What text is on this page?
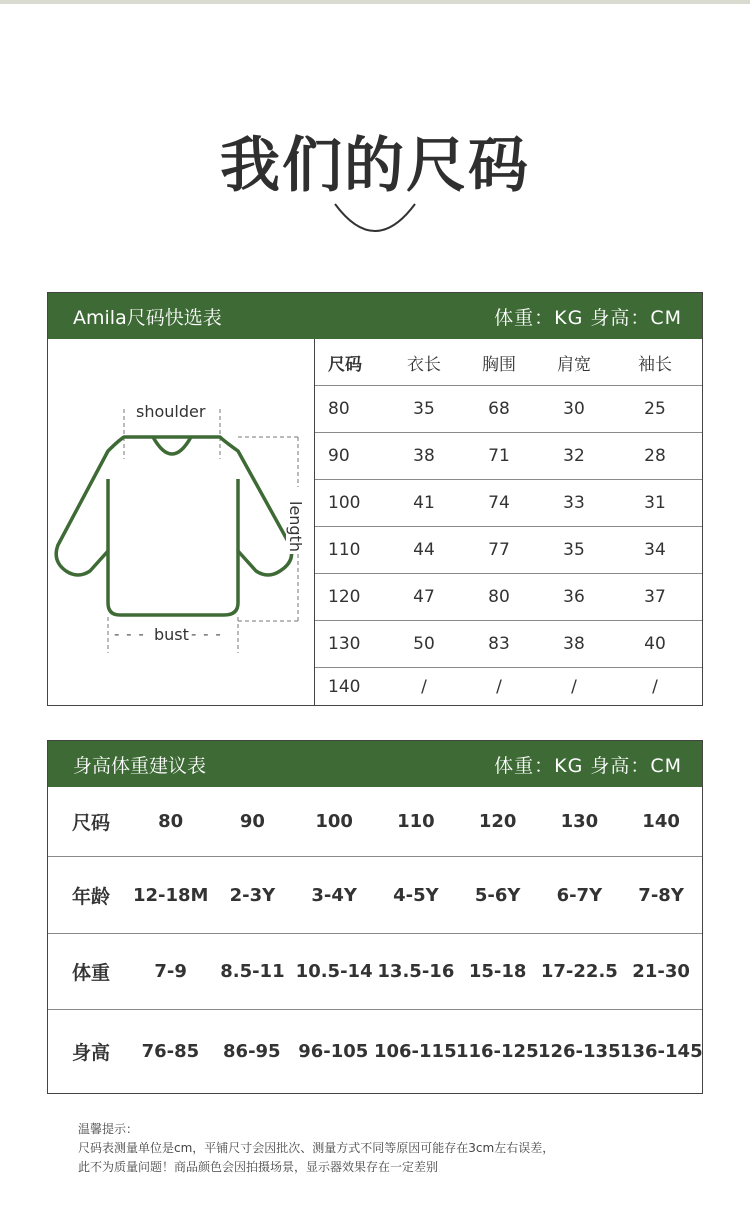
我们的尺码
Amila尺码快选表	体重：KG 身高：CM
shoulder
length
- - - bust - - -
尺码	衣长	胸围	肩宽	袖长
80	35	68	30	25
90	38	71	32	28
100	41	74	33	31
110	44	77	35	34
120	47	80	36	37
130	50	83	38	40
140	/	/	/	/
身高体重建议表	体重：KG 身高：CM
尺码	80	90	100	110	120	130	140
年龄	12-18M	2-3Y	3-4Y	4-5Y	5-6Y	6-7Y	7-8Y
体重	7-9	8.5-11 10.5-14 13.5-16 15-18 17-22.5 21-30
身高	76-85	86-95 96-105 106-115 116-125 126-135 136-145
温馨提示：
尺码表测量单位是cm，平铺尺寸会因批次、测量方式不同等原因可能存在3cm左右误差，
此不为质量问题！商品颜色会因拍摄场景，显示器效果存在一定差别
